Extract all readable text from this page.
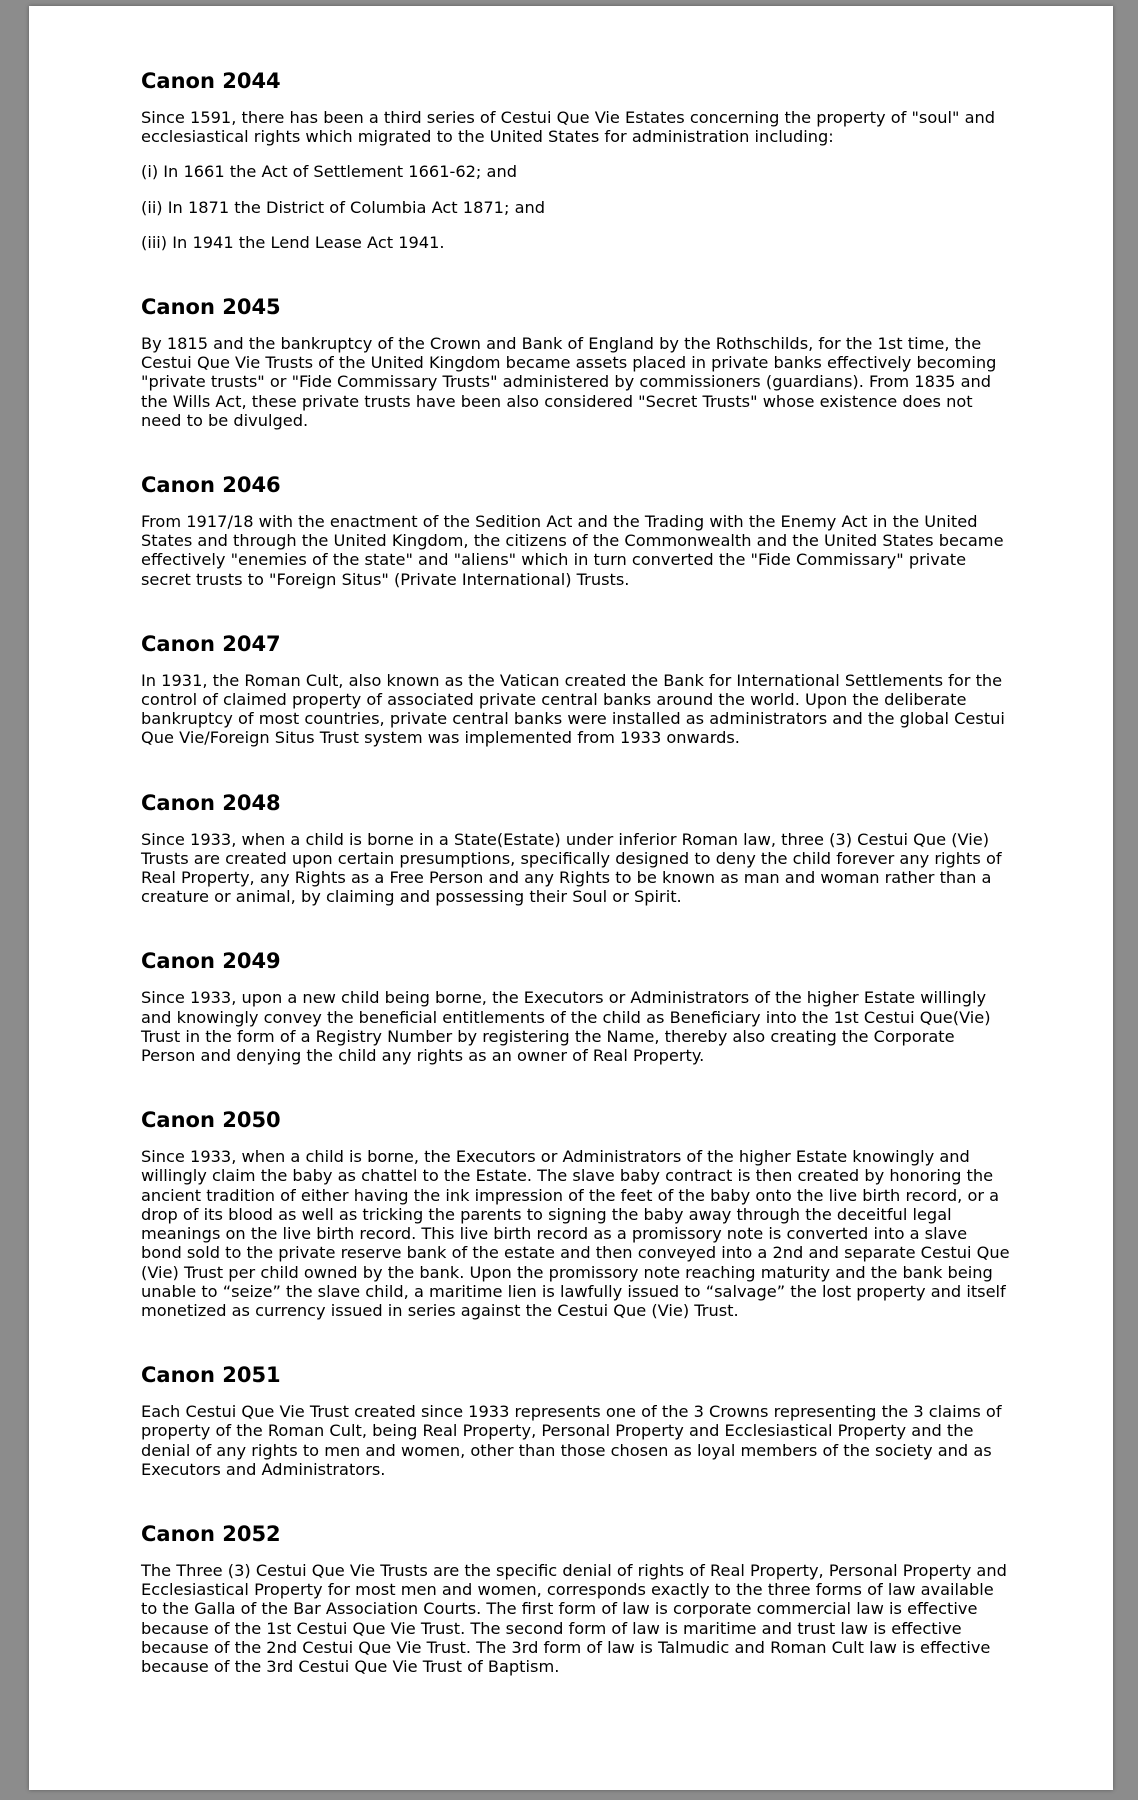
Canon 2044

Since 1591, there has been a third series of Cestui Que Vie Estates concerning the property of "soul" and ecclesiastical rights which migrated to the United States for administration including:

(i) In 1661 the Act of Settlement 1661-62; and

(ii) In 1871 the District of Columbia Act 1871; and

(iii) In 1941 the Lend Lease Act 1941.

Canon 2045

By 1815 and the bankruptcy of the Crown and Bank of England by the Rothschilds, for the 1st time, the Cestui Que Vie Trusts of the United Kingdom became assets placed in private banks effectively becoming "private trusts" or "Fide Commissary Trusts" administered by commissioners (guardians). From 1835 and the Wills Act, these private trusts have been also considered "Secret Trusts" whose existence does not need to be divulged.

Canon 2046

From 1917/18 with the enactment of the Sedition Act and the Trading with the Enemy Act in the United States and through the United Kingdom, the citizens of the Commonwealth and the United States became effectively "enemies of the state" and "aliens" which in turn converted the "Fide Commissary" private secret trusts to "Foreign Situs" (Private International) Trusts.

Canon 2047

In 1931, the Roman Cult, also known as the Vatican created the Bank for International Settlements for the control of claimed property of associated private central banks around the world. Upon the deliberate bankruptcy of most countries, private central banks were installed as administrators and the global Cestui Que Vie/Foreign Situs Trust system was implemented from 1933 onwards.

Canon 2048

Since 1933, when a child is borne in a State(Estate) under inferior Roman law, three (3) Cestui Que (Vie) Trusts are created upon certain presumptions, specifically designed to deny the child forever any rights of Real Property, any Rights as a Free Person and any Rights to be known as man and woman rather than a creature or animal, by claiming and possessing their Soul or Spirit.

Canon 2049

Since 1933, upon a new child being borne, the Executors or Administrators of the higher Estate willingly and knowingly convey the beneficial entitlements of the child as Beneficiary into the 1st Cestui Que(Vie) Trust in the form of a Registry Number by registering the Name, thereby also creating the Corporate Person and denying the child any rights as an owner of Real Property.

Canon 2050

Since 1933, when a child is borne, the Executors or Administrators of the higher Estate knowingly and willingly claim the baby as chattel to the Estate. The slave baby contract is then created by honoring the ancient tradition of either having the ink impression of the feet of the baby onto the live birth record, or a drop of its blood as well as tricking the parents to signing the baby away through the deceitful legal meanings on the live birth record. This live birth record as a promissory note is converted into a slave bond sold to the private reserve bank of the estate and then conveyed into a 2nd and separate Cestui Que (Vie) Trust per child owned by the bank. Upon the promissory note reaching maturity and the bank being unable to “seize” the slave child, a maritime lien is lawfully issued to “salvage” the lost property and itself monetized as currency issued in series against the Cestui Que (Vie) Trust.

Canon 2051

Each Cestui Que Vie Trust created since 1933 represents one of the 3 Crowns representing the 3 claims of property of the Roman Cult, being Real Property, Personal Property and Ecclesiastical Property and the denial of any rights to men and women, other than those chosen as loyal members of the society and as Executors and Administrators.

Canon 2052

The Three (3) Cestui Que Vie Trusts are the specific denial of rights of Real Property, Personal Property and Ecclesiastical Property for most men and women, corresponds exactly to the three forms of law available to the Galla of the Bar Association Courts. The first form of law is corporate commercial law is effective because of the 1st Cestui Que Vie Trust. The second form of law is maritime and trust law is effective because of the 2nd Cestui Que Vie Trust. The 3rd form of law is Talmudic and Roman Cult law is effective because of the 3rd Cestui Que Vie Trust of Baptism.
